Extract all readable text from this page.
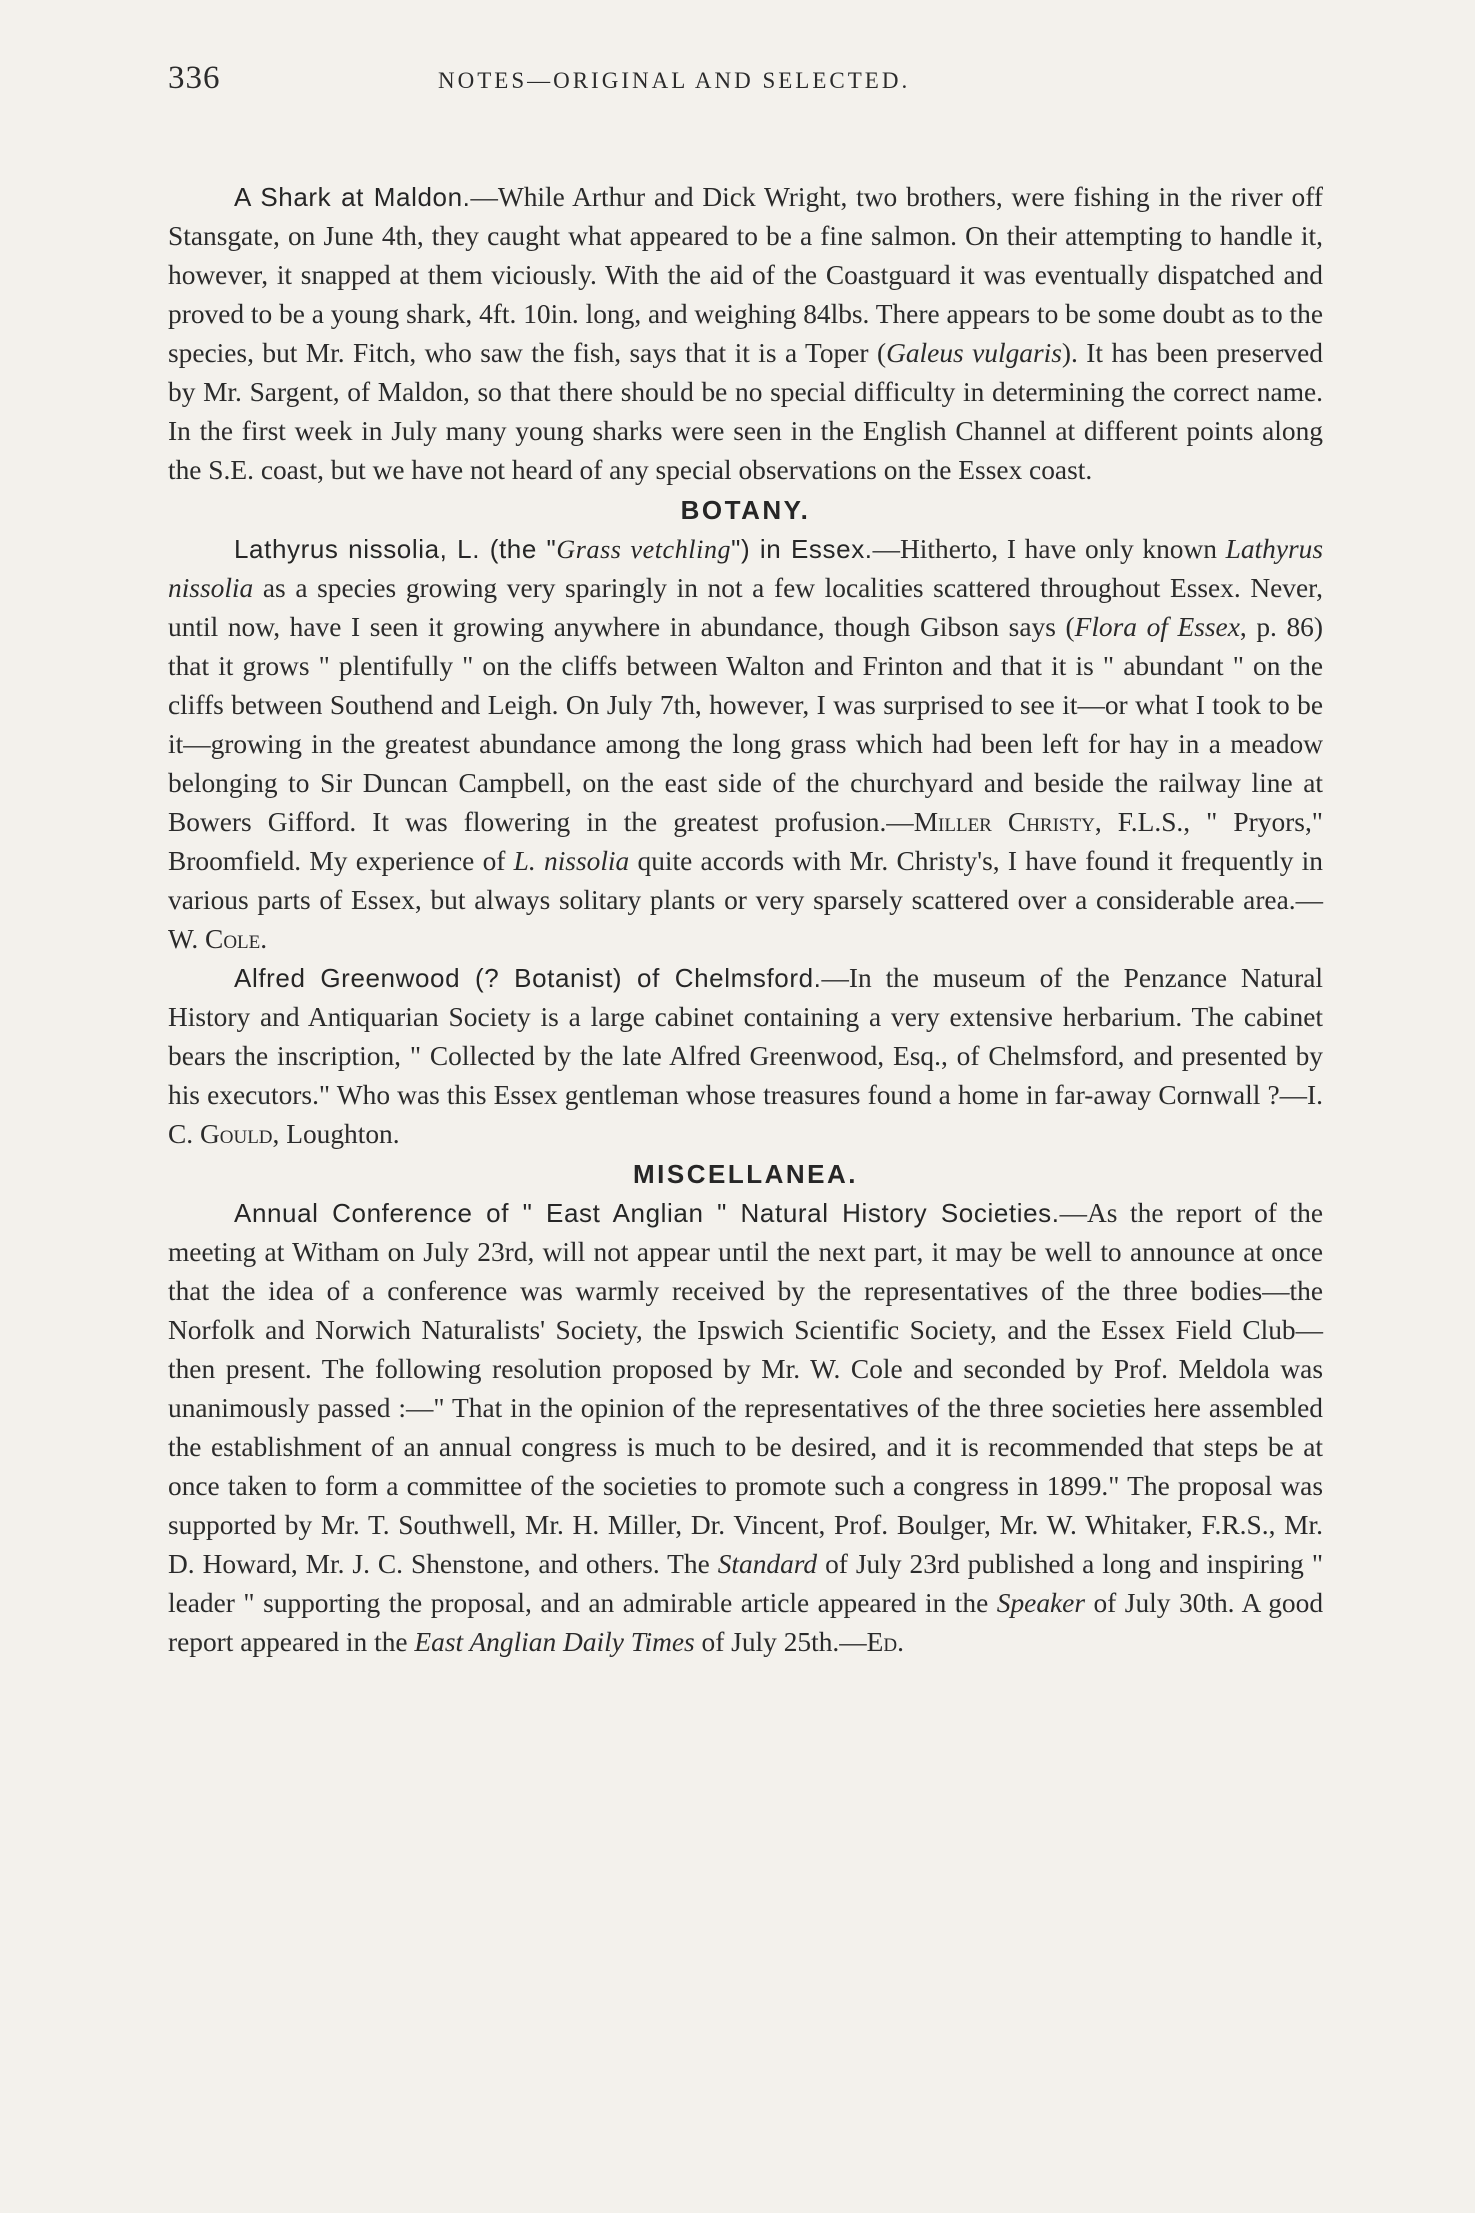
336	NOTES—ORIGINAL AND SELECTED.

A Shark at Maldon.—While Arthur and Dick Wright, two brothers, were fishing in the river off Stansgate, on June 4th, they caught what appeared to be a fine salmon. On their attempting to handle it, however, it snapped at them viciously. With the aid of the Coastguard it was eventually dispatched and proved to be a young shark, 4ft. 10in. long, and weighing 84lbs. There appears to be some doubt as to the species, but Mr. Fitch, who saw the fish, says that it is a Toper (Galeus vulgaris). It has been preserved by Mr. Sargent, of Maldon, so that there should be no special difficulty in determining the correct name. In the first week in July many young sharks were seen in the English Channel at different points along the S.E. coast, but we have not heard of any special observations on the Essex coast.

BOTANY.

Lathyrus nissolia, L. (the "Grass vetchling") in Essex.—Hitherto, I have only known Lathyrus nissolia as a species growing very sparingly in not a few localities scattered throughout Essex. Never, until now, have I seen it growing anywhere in abundance, though Gibson says (Flora of Essex, p. 86) that it grows " plentifully " on the cliffs between Walton and Frinton and that it is " abundant " on the cliffs between Southend and Leigh. On July 7th, however, I was surprised to see it—or what I took to be it—growing in the greatest abundance among the long grass which had been left for hay in a meadow belonging to Sir Duncan Campbell, on the east side of the churchyard and beside the railway line at Bowers Gifford. It was flowering in the greatest profusion.—Miller Christy, F.L.S., " Pryors," Broomfield. My experience of L. nissolia quite accords with Mr. Christy's, I have found it frequently in various parts of Essex, but always solitary plants or very sparsely scattered over a considerable area.—W. Cole.

Alfred Greenwood (? Botanist) of Chelmsford.—In the museum of the Penzance Natural History and Antiquarian Society is a large cabinet containing a very extensive herbarium. The cabinet bears the inscription, " Collected by the late Alfred Greenwood, Esq., of Chelmsford, and presented by his executors." Who was this Essex gentleman whose treasures found a home in far-away Cornwall ?—I. C. Gould, Loughton.

MISCELLANEA.

Annual Conference of " East Anglian " Natural History Societies.—As the report of the meeting at Witham on July 23rd, will not appear until the next part, it may be well to announce at once that the idea of a conference was warmly received by the representatives of the three bodies—the Norfolk and Norwich Naturalists' Society, the Ipswich Scientific Society, and the Essex Field Club—then present. The following resolution proposed by Mr. W. Cole and seconded by Prof. Meldola was unanimously passed :—" That in the opinion of the representatives of the three societies here assembled the establishment of an annual congress is much to be desired, and it is recommended that steps be at once taken to form a committee of the societies to promote such a congress in 1899." The proposal was supported by Mr. T. Southwell, Mr. H. Miller, Dr. Vincent, Prof. Boulger, Mr. W. Whitaker, F.R.S., Mr. D. Howard, Mr. J. C. Shenstone, and others. The Standard of July 23rd published a long and inspiring " leader " supporting the proposal, and an admirable article appeared in the Speaker of July 30th. A good report appeared in the East Anglian Daily Times of July 25th.—Ed.
